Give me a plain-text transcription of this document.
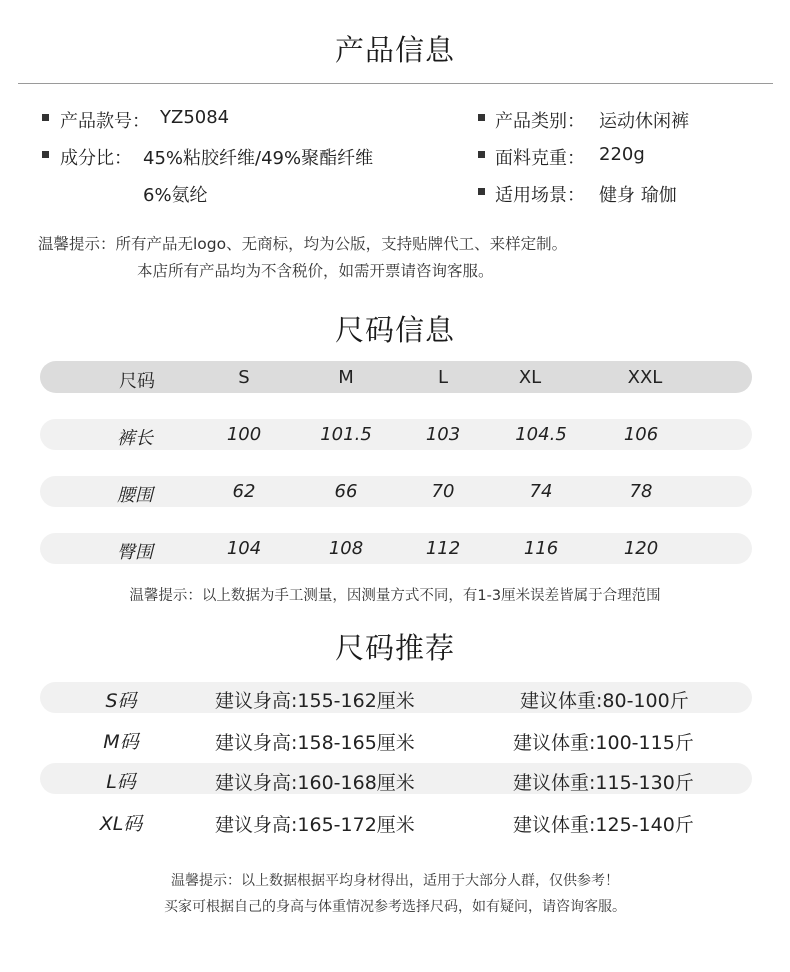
产品信息
产品款号： YZ5084
成分比： 45%粘胶纤维/49%聚酯纤维
6%氨纶
产品类别： 运动休闲裤
面料克重： 220g
适用场景： 健身 瑜伽
温馨提示：所有产品无logo、无商标，均为公版，支持贴牌代工、来样定制。
本店所有产品均为不含税价，如需开票请咨询客服。
尺码信息
尺码	S	M	L	XL	XXL
裤长	100	101.5	103	104.5	106
腰围	62	66	70	74	78
臀围	104	108	112	116	120
温馨提示：以上数据为手工测量，因测量方式不同，有1-3厘米误差皆属于合理范围
尺码推荐
S码	建议身高:155-162厘米	建议体重:80-100斤
M码	建议身高:158-165厘米	建议体重:100-115斤
L码	建议身高:160-168厘米	建议体重:115-130斤
XL码	建议身高:165-172厘米	建议体重:125-140斤
温馨提示：以上数据根据平均身材得出，适用于大部分人群，仅供参考！
买家可根据自己的身高与体重情况参考选择尺码，如有疑问，请咨询客服。
